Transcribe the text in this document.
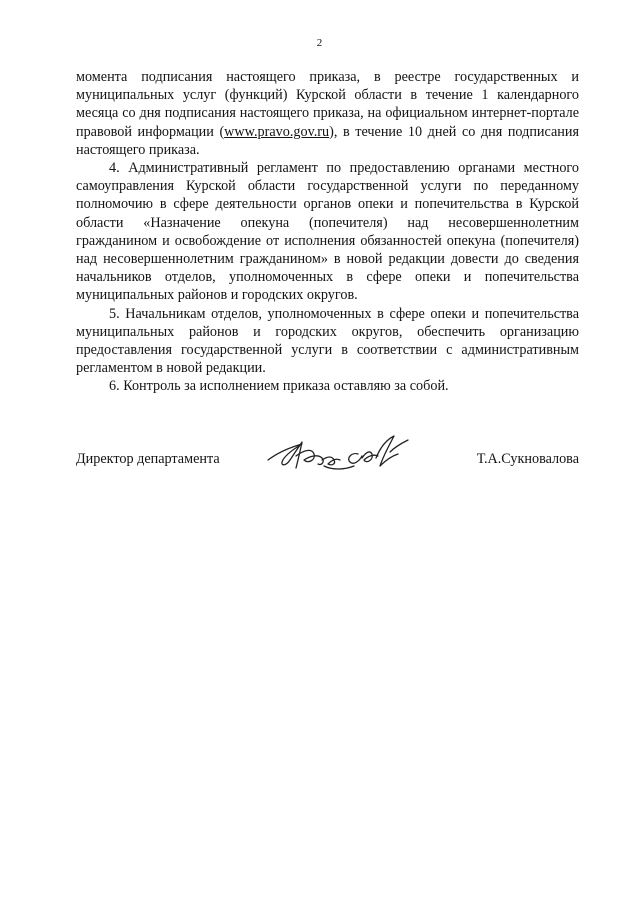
2

момента подписания настоящего приказа, в реестре государственных и муниципальных услуг (функций) Курской области в течение 1 календарного месяца со дня подписания настоящего приказа, на официальном интернет-портале правовой информации (www.pravo.gov.ru), в течение 10 дней со дня подписания настоящего приказа.

4. Административный регламент по предоставлению органами местного самоуправления Курской области государственной услуги по переданному полномочию в сфере деятельности органов опеки и попечительства в Курской области «Назначение опекуна (попечителя) над несовершеннолетним гражданином и освобождение от исполнения обязанностей опекуна (попечителя) над несовершеннолетним гражданином» в новой редакции довести до сведения начальников отделов, уполномоченных в сфере опеки и попечительства муниципальных районов и городских округов.

5. Начальникам отделов, уполномоченных в сфере опеки и попечительства муниципальных районов и городских округов, обеспечить организацию предоставления государственной услуги в соответствии с административным регламентом в новой редакции.

6. Контроль за исполнением приказа оставляю за собой.

Директор департамента	Т.А.Сукновалова
